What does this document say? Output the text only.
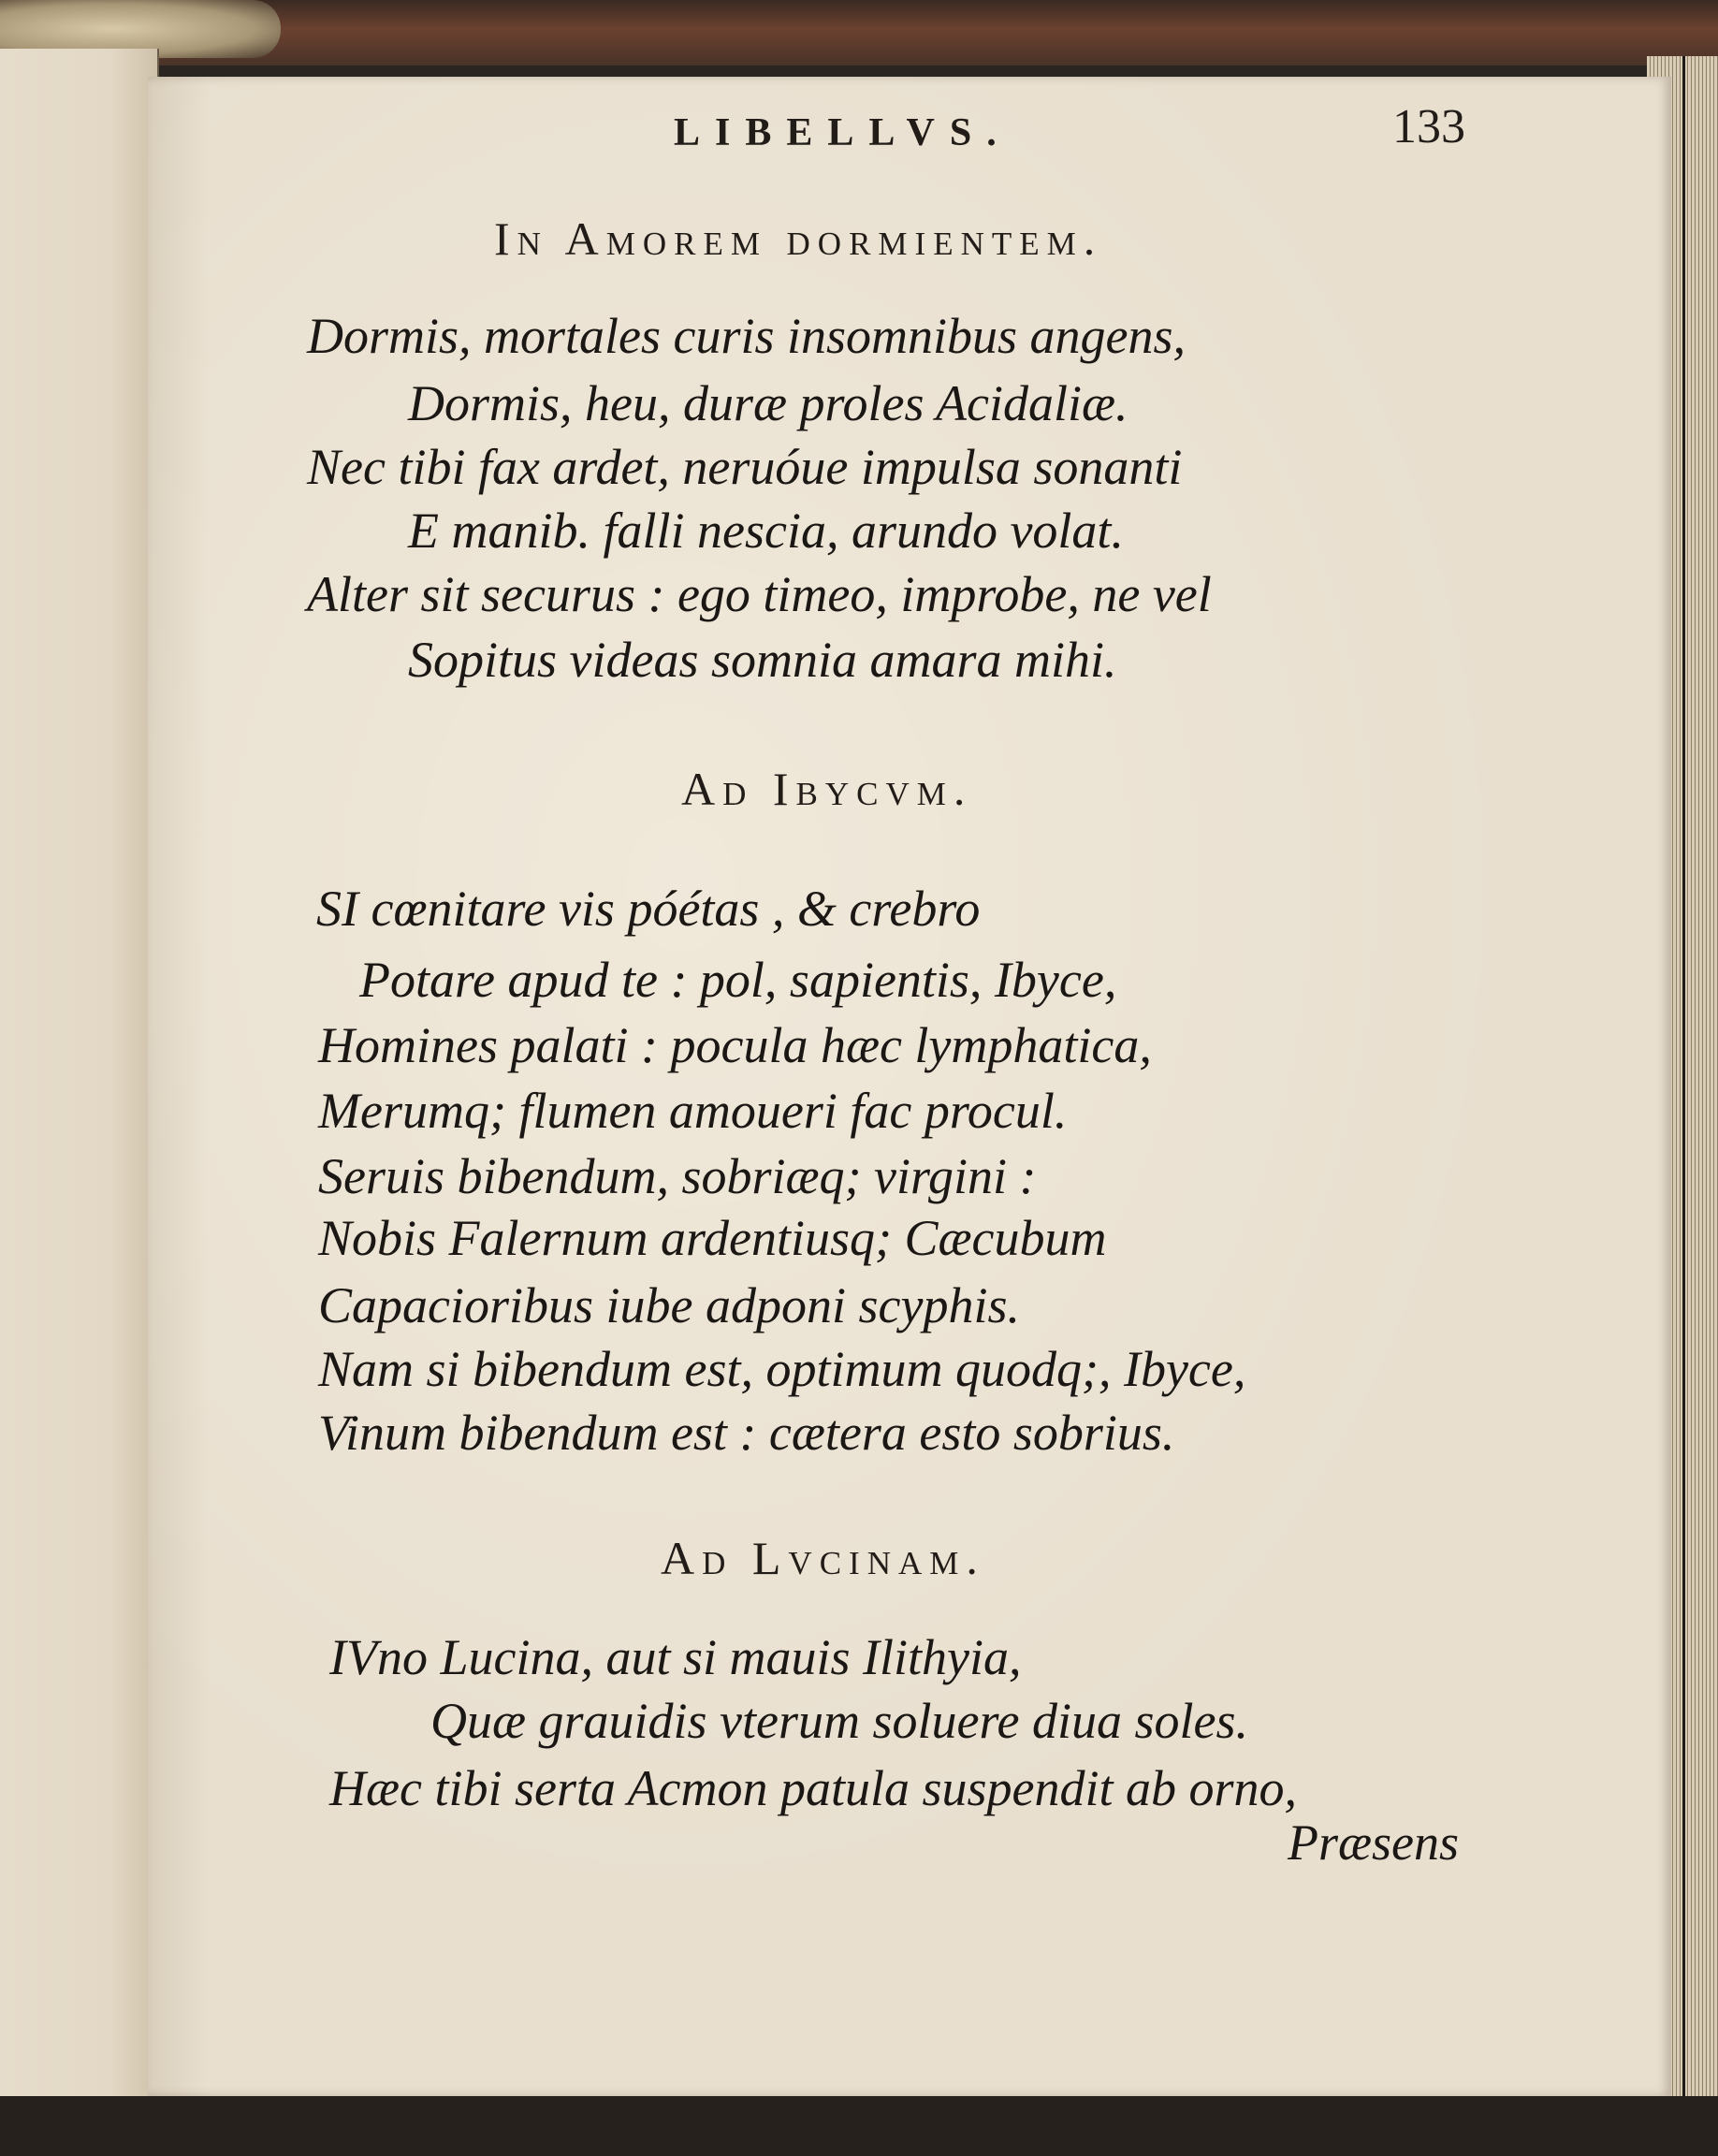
LIBELLVS.	133
In Amorem dormientem.
Dormis, mortales curis insomnibus angens,
Dormis, heu, duræ proles Acidaliæ.
Nec tibi fax ardet, neruóue impulsa sonanti
E manib. falli nescia, arundo volat.
Alter sit securus : ego timeo, improbe, ne vel
Sopitus videas somnia amara mihi.
Ad Ibycvm.
SI cœnitare vis póétas , & crebro
Potare apud te : pol, sapientis, Ibyce,
Homines palati : pocula hæc lymphatica,
Merumq; flumen amoueri fac procul.
Seruis bibendum, sobriæq; virgini :
Nobis Falernum ardentiusq; Cæcubum
Capacioribus iube adponi scyphis.
Nam si bibendum est, optimum quodq;, Ibyce,
Vinum bibendum est : cætera esto sobrius.
Ad Lvcinam.
IVno Lucina, aut si mauis Ilithyia,
Quæ grauidis vterum soluere diua soles.
Hæc tibi serta Acmon patula suspendit ab orno,
Præsens
